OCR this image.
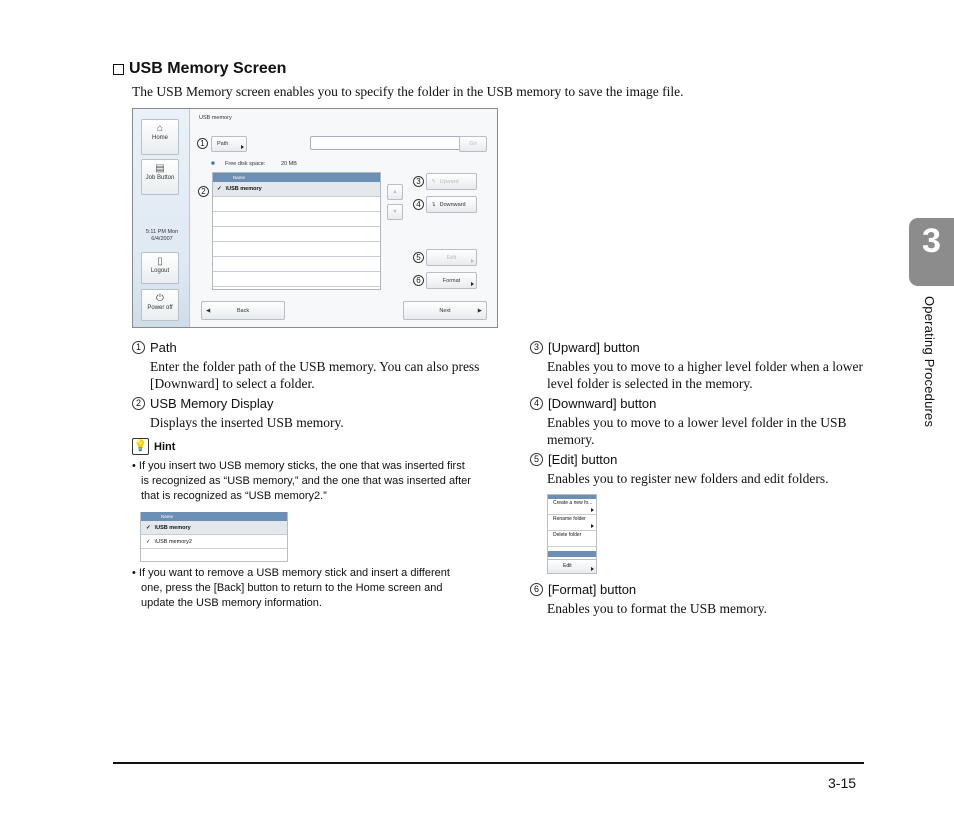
USB Memory Screen
The USB Memory screen enables you to specify the folder in the USB memory to save the image file.
⌂
Home
▤
Job Button
5:11 PM Mon
6/4/2007
▯
Logout
⏻
Power off
USB memory
1	Path	Go
■ Free disk space:	20 MB
2
Name
✓ \USB memory	▲
▼
3	↰ Upward
4	↴ Downward
5	Edit
6	Format
◀	Back	Next	▶
1 Path
Enter the folder path of the USB memory. You can also press [Downward] to select a folder.
2 USB Memory Display
Displays the inserted USB memory.
💡 Hint
• If you insert two USB memory sticks, the one that was inserted first is recognized as “USB memory,” and the one that was inserted after that is recognized as “USB memory2.”
Name
✓ \USB memory
✓ \USB memory2
• If you want to remove a USB memory stick and insert a different one, press the [Back] button to return to the Home screen and update the USB memory information.
3 [Upward] button
Enables you to move to a higher level folder when a lower level folder is selected in the memory.
4 [Downward] button
Enables you to move to a lower level folder in the USB memory.
5 [Edit] button
Enables you to register new folders and edit folders.
Create a new fo...
Rename folder
Delete folder
Edit
6 [Format] button
Enables you to format the USB memory.
3
Operating Procedures
3-15
